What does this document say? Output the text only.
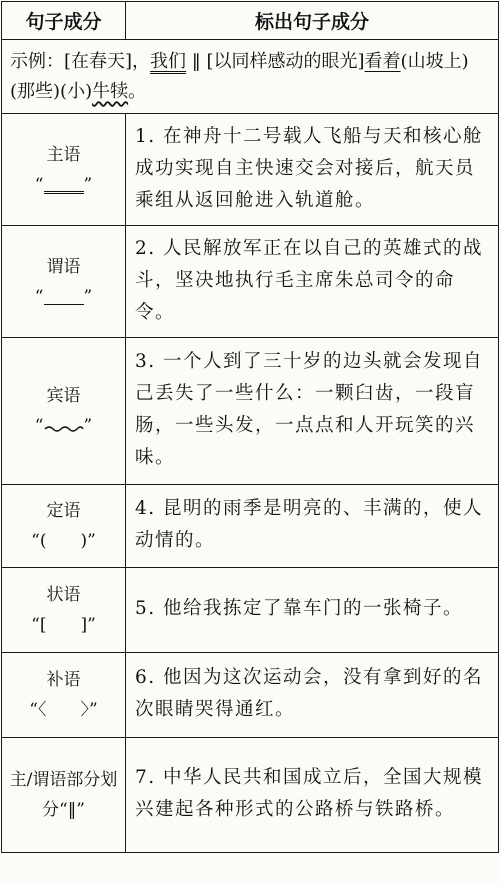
句子成分	标出句子成分
示例：[在春天]，我们 ‖ [以同样感动的眼光]看着(山坡上)(那些)(小)牛犊。	

主语
“ ”	1. 在神舟十二号载人飞船与天和核心舱成功实现自主快速交会对接后，航天员乘组从返回舱进入轨道舱。

谓语
“ ”	2. 人民解放军正在以自己的英雄式的战斗，坚决地执行毛主席朱总司令的命令。

宾语
“ ”	3. 一个人到了三十岁的边头就会发现自己丢失了一些什么：一颗臼齿，一段盲肠，一些头发，一点点和人开玩笑的兴味。

定语
“(　　)”	4. 昆明的雨季是明亮的、丰满的，使人动情的。

状语
“[　　]”	5. 他给我拣定了靠车门的一张椅子。

补语
“〈　　〉”	6. 他因为这次运动会，没有拿到好的名次眼睛哭得通红。

主/谓语部分划分“‖”	7. 中华人民共和国成立后，全国大规模兴建起各种形式的公路桥与铁路桥。
